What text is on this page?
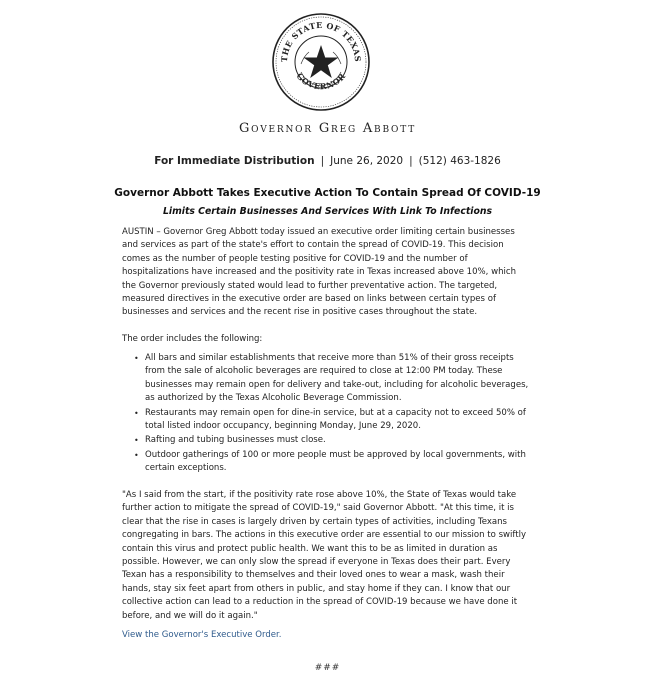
THE STATE OF TEXAS
GOVERNOR
Governor Greg Abbott
For Immediate Distribution | June 26, 2020 | (512) 463-1826
Governor Abbott Takes Executive Action To Contain Spread Of COVID-19
Limits Certain Businesses And Services With Link To Infections

AUSTIN – Governor Greg Abbott today issued an executive order limiting certain businesses and services as part of the state's effort to contain the spread of COVID-19. This decision comes as the number of people testing positive for COVID-19 and the number of hospitalizations have increased and the positivity rate in Texas increased above 10%, which the Governor previously stated would lead to further preventative action. The targeted, measured directives in the executive order are based on links between certain types of businesses and services and the recent rise in positive cases throughout the state.

The order includes the following:

• All bars and similar establishments that receive more than 51% of their gross receipts from the sale of alcoholic beverages are required to close at 12:00 PM today. These businesses may remain open for delivery and take-out, including for alcoholic beverages, as authorized by the Texas Alcoholic Beverage Commission.
• Restaurants may remain open for dine-in service, but at a capacity not to exceed 50% of total listed indoor occupancy, beginning Monday, June 29, 2020.
• Rafting and tubing businesses must close.
• Outdoor gatherings of 100 or more people must be approved by local governments, with certain exceptions.

"As I said from the start, if the positivity rate rose above 10%, the State of Texas would take further action to mitigate the spread of COVID-19," said Governor Abbott. "At this time, it is clear that the rise in cases is largely driven by certain types of activities, including Texans congregating in bars. The actions in this executive order are essential to our mission to swiftly contain this virus and protect public health. We want this to be as limited in duration as possible. However, we can only slow the spread if everyone in Texas does their part. Every Texan has a responsibility to themselves and their loved ones to wear a mask, wash their hands, stay six feet apart from others in public, and stay home if they can. I know that our collective action can lead to a reduction in the spread of COVID-19 because we have done it before, and we will do it again."

View the Governor's Executive Order.
###
